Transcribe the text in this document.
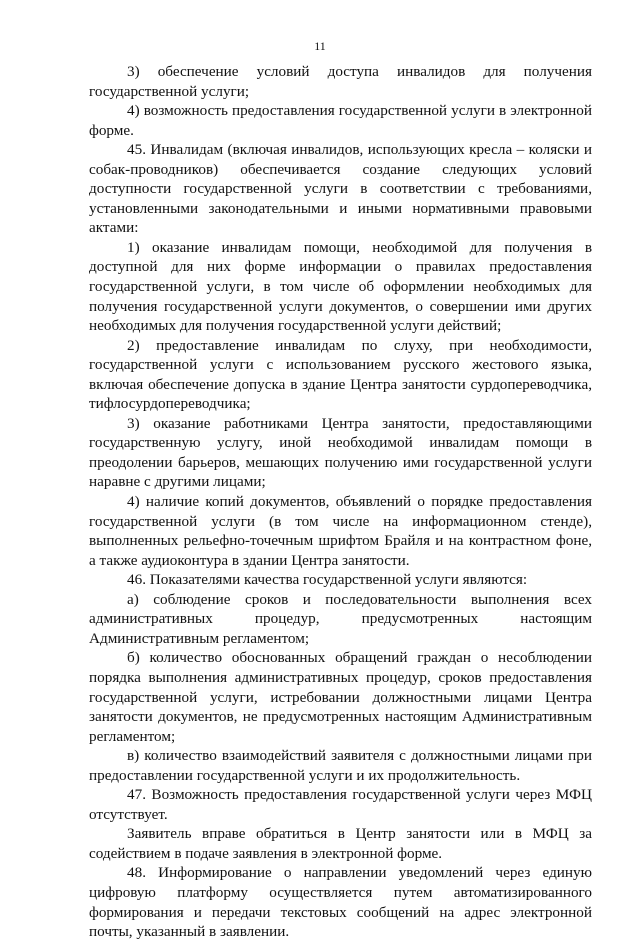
11

3) обеспечение условий доступа инвалидов для получения государственной услуги;

4) возможность предоставления государственной услуги в электронной форме.

45. Инвалидам (включая инвалидов, использующих кресла – коляски и собак-проводников) обеспечивается создание следующих условий доступности государственной услуги в соответствии с требованиями, установленными законодательными и иными нормативными правовыми актами:

1) оказание инвалидам помощи, необходимой для получения в доступной для них форме информации о правилах предоставления государственной услуги, в том числе об оформлении необходимых для получения государственной услуги документов, о совершении ими других необходимых для получения государственной услуги действий;

2) предоставление инвалидам по слуху, при необходимости, государственной услуги с использованием русского жестового языка, включая обеспечение допуска в здание Центра занятости сурдопереводчика, тифлосурдопереводчика;

3) оказание работниками Центра занятости, предоставляющими государственную услугу, иной необходимой инвалидам помощи в преодолении барьеров, мешающих получению ими государственной услуги наравне с другими лицами;

4) наличие копий документов, объявлений о порядке предоставления государственной услуги (в том числе на информационном стенде), выполненных рельефно-точечным шрифтом Брайля и на контрастном фоне, а также аудиоконтура в здании Центра занятости.

46. Показателями качества государственной услуги являются:

а) соблюдение сроков и последовательности выполнения всех административных процедур, предусмотренных настоящим Административным регламентом;

б) количество обоснованных обращений граждан о несоблюдении порядка выполнения административных процедур, сроков предоставления государственной услуги, истребовании должностными лицами Центра занятости документов, не предусмотренных настоящим Административным регламентом;

в) количество взаимодействий заявителя с должностными лицами при предоставлении государственной услуги и их продолжительность.

47. Возможность предоставления государственной услуги через МФЦ отсутствует.

Заявитель вправе обратиться в Центр занятости или в МФЦ за содействием в подаче заявления в электронной форме.

48. Информирование о направлении уведомлений через единую цифровую платформу осуществляется путем автоматизированного формирования и передачи текстовых сообщений на адрес электронной почты, указанный в заявлении.
